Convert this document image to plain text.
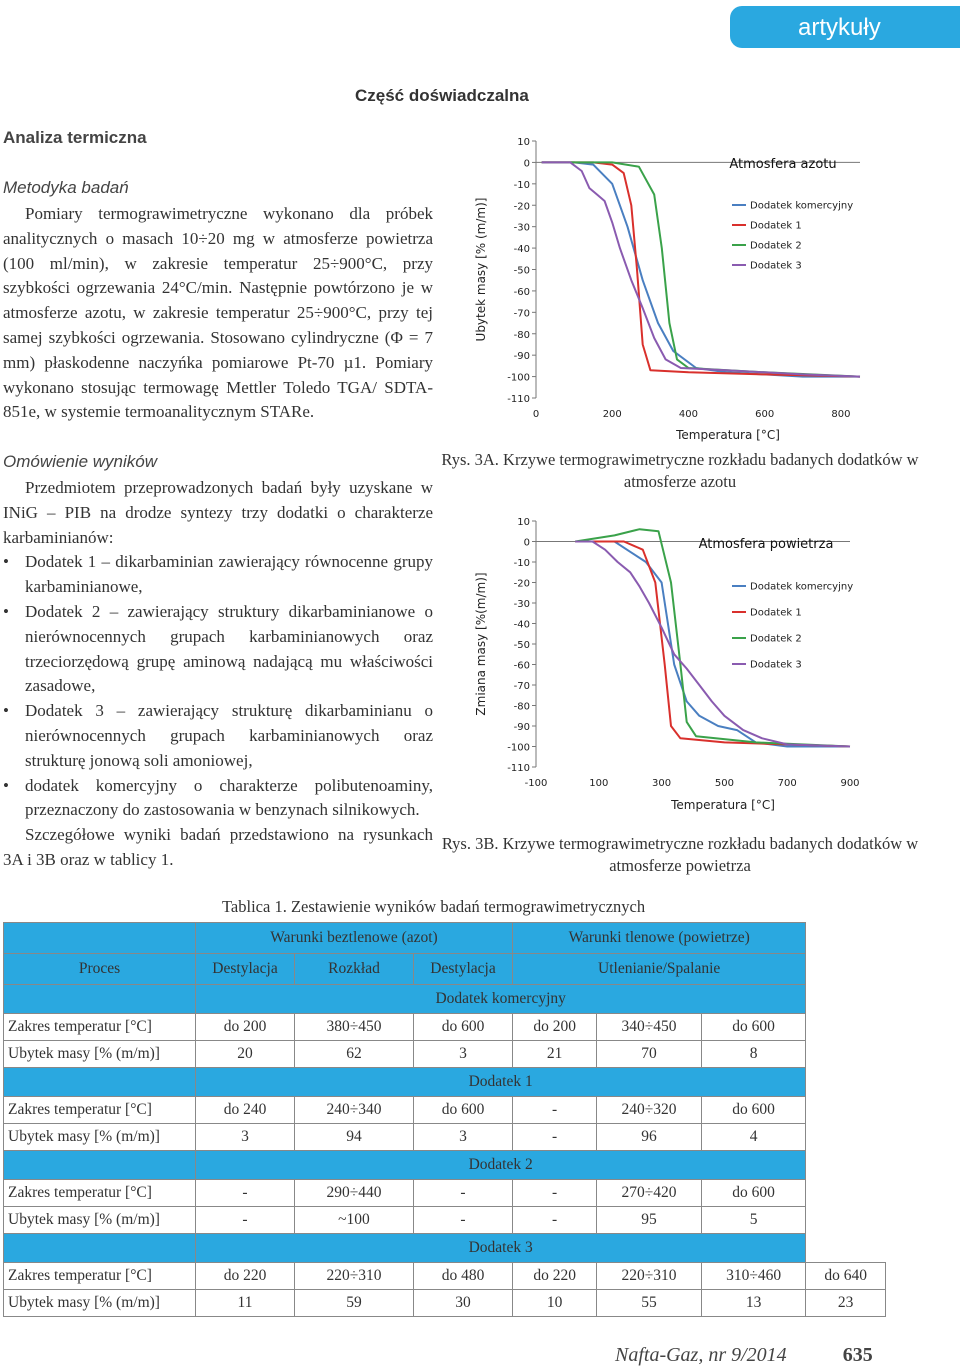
artykuły
Część doświadczalna
Analiza termiczna
Metodyka badań

Pomiary termograwimetryczne wykonano dla próbek analitycznych o masach 10÷20 mg w atmosferze powietrza (100 ml/min), w zakresie temperatur 25÷900°C, przy szybkości ogrzewania 24°C/min. Następnie powtórzono je w atmosferze azotu, w zakresie temperatur 25÷900°C, przy tej samej szybkości ogrzewania. Stosowano cylindryczne (Φ = 7 mm) płaskodenne naczyńka pomiarowe Pt-70 µ1. Pomiary wykonano stosując termowagę Mettler Toledo TGA/ SDTA-851e, w systemie termoanalitycznym STARe.

Omówienie wyników

Przedmiotem przeprowadzonych badań były uzyskane w INiG – PIB na drodze syntezy trzy dodatki o charakterze karbaminianów:

• Dodatek 1 – dikarbaminian zawierający równocenne grupy karbaminianowe,
• Dodatek 2 – zawierający struktury dikarbaminianowe o nierównocennych grupach karbaminianowych oraz trzeciorzędową grupę aminową nadającą mu właściwości zasadowe,
• Dodatek 3 – zawierający strukturę dikarbaminianu o nierównocennych grupach karbaminianowych oraz strukturę jonową soli amoniowej,
• dodatek komercyjny o charakterze polibutenoaminy, przeznaczony do zastosowania w benzynach silnikowych.

Szczegółowe wyniki badań przedstawiono na rysunkach 3A i 3B oraz w tablicy 1.

10
0
-10
-20
-30
-40
-50
-60
-70
-80
-90
-100
-110
0	200	400	600	800
Temperatura [°C]
Ubytek masy [% (m/m)]
Atmosfera azotu
Dodatek komercyjny
Dodatek 1
Dodatek 2
Dodatek 3
Rys. 3A. Krzywe termograwimetryczne rozkładu badanych dodatków w atmosferze azotu
10
0
-10
-20
-30
-40
-50
-60
-70
-80
-90
-100
-110
-100	100	300	500	700	900
Temperatura [°C]
Zmiana masy [%(m/m)]
Atmosfera powietrza
Dodatek komercyjny
Dodatek 1
Dodatek 2
Dodatek 3
Rys. 3B. Krzywe termograwimetryczne rozkładu badanych dodatków w atmosferze powietrza
Tablica 1. Zestawienie wyników badań termograwimetrycznych
	Warunki beztlenowe (azot)			Warunki tlenowe (powietrze)			
Proces	Destylacja	Rozkład	Destylacja	Utlenianie/Spalanie			
	Dodatek komercyjny						
Zakres temperatur [°C]	do 200	380÷450	do 600	do 200	340÷450	do 600	
Ubytek masy [% (m/m)]	20	62	3	21	70	8	
	Dodatek 1						
Zakres temperatur [°C]	do 240	240÷340	do 600	-	240÷320	do 600	
Ubytek masy [% (m/m)]	3	94	3	-	96	4	
	Dodatek 2						
Zakres temperatur [°C]	-	290÷440	-	-	270÷420	do 600	
Ubytek masy [% (m/m)]	-	~100	-	-	95	5	
	Dodatek 3						
Zakres temperatur [°C]	do 220	220÷310	do 480	do 220	220÷310	310÷460	do 640
Ubytek masy [% (m/m)]	11	59	30	10	55	13	23
Nafta-Gaz, nr 9/2014	635
